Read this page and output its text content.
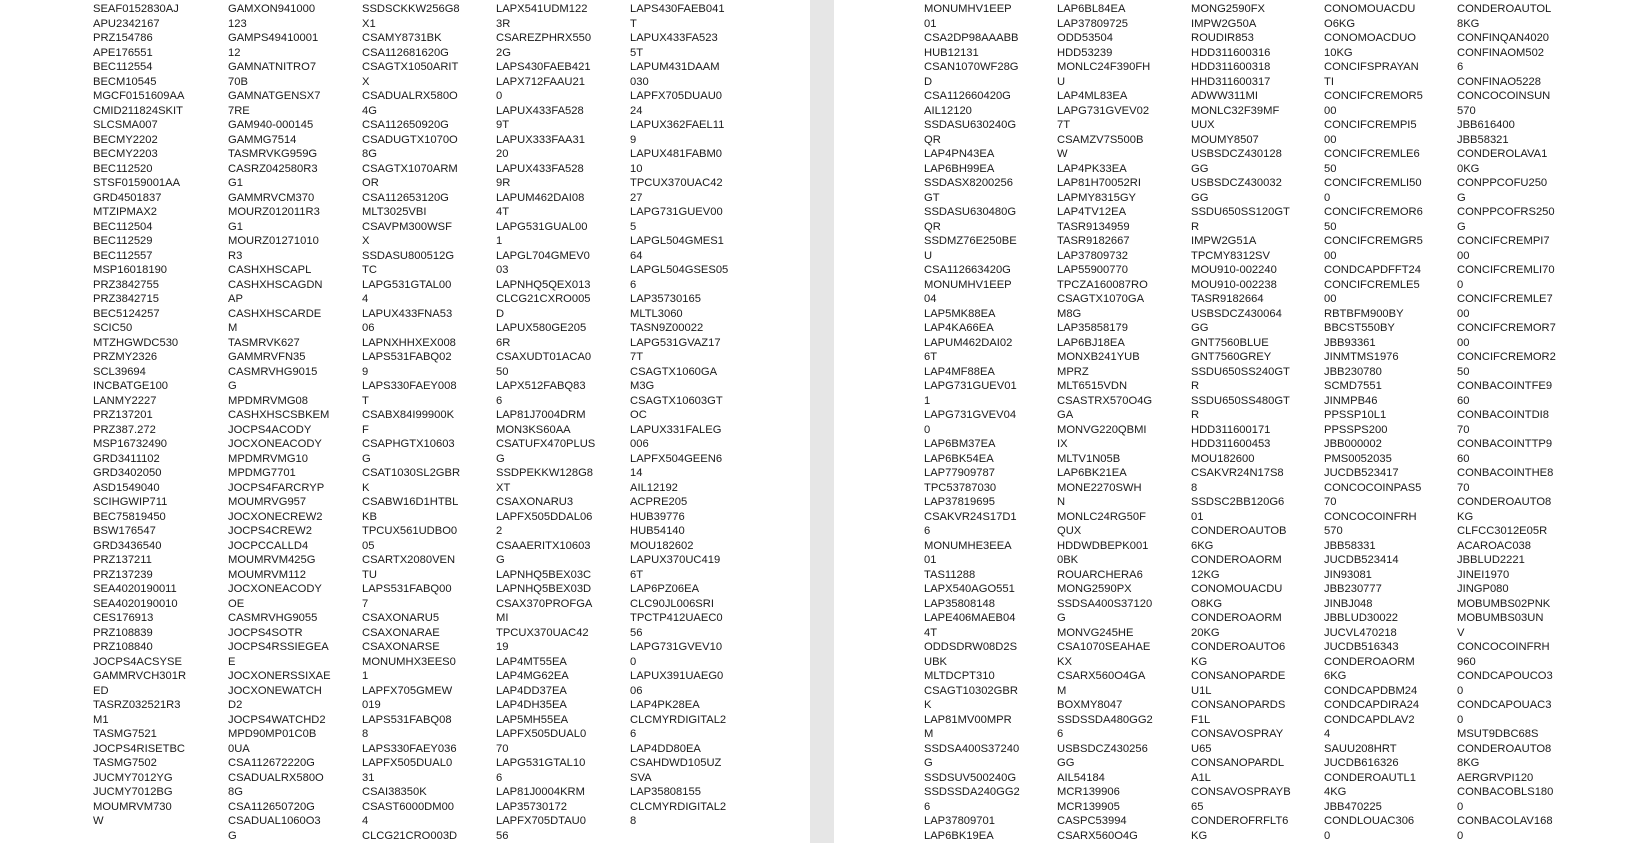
SEAF0152830AJ
APU2342167
PRZ154786
APE176551
BEC112554
BECM10545
MGCF0151609AA
CMID211824SKIT
SLCSMA007
BECMY2202
BECMY2203
BEC112520
STSF0159001AA
GRD4501837
MTZIPMAX2
BEC112504
BEC112529
BEC112557
MSP16018190
PRZ3842755
PRZ3842715
BEC5124257
SCIC50
MTZHGWDC530
PRZMY2326
SCL39694
INCBATGE100
LANMY2227
PRZ137201
PRZ387.272
MSP16732490
GRD3411102
GRD3402050
ASD1549040
SCIHGWIP711
BEC75819450
BSW176547
GRD3436540
PRZ137211
PRZ137239
SEA4020190011
SEA4020190010
CES176913
PRZ108839
PRZ108840
JOCPS4ACSYSE
GAMMRVCH301R
ED
TASRZ032521R3
M1
TASMG7521
JOCPS4RISETBC
TASMG7502
JUCMY7012YG
JUCMY7012BG
MOUMRVM730
W
GAMXON941000
123
GAMPS49410001
12
GAMNATNITRO7
70B
GAMNATGENSX7
7RE
GAM940-000145
GAMMG7514
TASMRVKG959G
CASRZ042580R3
G1
GAMMRVCM370
MOURZ012011R3
G1
MOURZ01271010
R3
CASHXHSCAPL
CASHXHSCAGDN
AP
CASHXHSCARDE
M
TASMRVK627
GAMMRVFN35
CASMRVHG9015
G
MPDMRVMG08
CASHXHSCSBKEM
JOCPS4ACODY
JOCXONEACODY
MPDMRVMG10
MPDMG7701
JOCPS4FARCRYP
MOUMRVG957
JOCXONECREW2
JOCPS4CREW2
JOCPCCALLD4
MOUMRVM425G
MOUMRVM112
JOCXONEACODY
OE
CASMRVHG9055
JOCPS4SOTR
JOCPS4RSSIEGEA
E
JOCXONERSSIXAE
JOCXONEWATCH
D2
JOCPS4WATCHD2
MPD90MP01C0B
0UA
CSA112672220G
CSADUALRX580O
8G
CSA112650720G
CSADUAL1060O3
G
SSDSCKKW256G8
X1
CSAMY8731BK
CSA112681620G
CSAGTX1050ARIT
X
CSADUALRX580O
4G
CSA112650920G
CSADUGTX1070O
8G
CSAGTX1070ARM
OR
CSA112653120G
MLT3025VBI
CSAVPM300WSF
X
SSDASU800512G
TC
LAPG531GTAL00
4
LAPUX433FNA53
06
LAPNXHHXEX008
LAPS531FABQ02
9
LAPS330FAEY008
T
CSABX84I99900K
F
CSAPHGTX10603
G
CSAT1030SL2GBR
K
CSABW16D1HTBL
KB
TPCUX561UDBO0
05
CSARTX2080VEN
TU
LAPS531FABQ00
7
CSAXONARU5
CSAXONARAE
CSAXONARSE
MONUMHX3EES0
1
LAPFX705GMEW
019
LAPS531FABQ08
8
LAPS330FAEY036
LAPFX505DUAL0
31
CSAI38350K
CSAST6000DM00
4
CLCG21CRO003D
LAPX541UDM122
3R
CSAREZPHRX550
2G
LAPS430FAEB421
LAPX712FAAU21
0
LAPUX433FA528
9T
LAPUX333FAA31
20
LAPUX433FA528
9R
LAPUM462DAI08
4T
LAPG531GUAL00
1
LAPGL704GMEV0
03
LAPNHQ5QEX013
CLCG21CXRO005
D
LAPUX580GE205
6R
CSAXUDT01ACA0
50
LAPX512FABQ83
6
LAP81J7004DRM
MON3KS60AA
CSATUFX470PLUS
G
SSDPEKKW128G8
XT
CSAXONARU3
LAPFX505DDAL06
2
CSAAERITX10603
G
LAPNHQ5BEX03C
LAPNHQ5BEX03D
CSAX370PROFGA
MI
TPCUX370UAC42
19
LAP4MT55EA
LAP4MG62EA
LAP4DD37EA
LAP4DH35EA
LAP5MH55EA
LAPFX505DUAL0
70
LAPG531GTAL10
6
LAP81J0004KRM
LAP35730172
LAPFX705DTAU0
56
LAPS430FAEB041
T
LAPUX433FA523
5T
LAPUM431DAAM
030
LAPFX705DUAU0
24
LAPUX362FAEL11
9
LAPUX481FABM0
10
TPCUX370UAC42
27
LAPG731GUEV00
5
LAPGL504GMES1
64
LAPGL504GSES05
6
LAP35730165
MLTL3060
TASN9Z00022
LAPG531GVAZ17
7T
CSAGTX1060GA
M3G
CSAGTX10603GT
OC
LAPUX331FALEG
006
LAPFX504GEEN6
14
AIL12192
ACPRE205
HUB39776
HUB54140
MOU182602
LAPUX370UC419
6T
LAP6PZ06EA
CLC90JL006SRI
TPCTP412UAEC0
56
LAPG731GVEV10
0
LAPUX391UAEG0
06
LAP4PK28EA
CLCMYRDIGITAL2
6
LAP4DD80EA
CSAHDWD105UZ
SVA
LAP35808155
CLCMYRDIGITAL2
8
MONUMHV1EEP
01
CSA2DP98AAABB
HUB12131
CSAN1070WF28G
D
CSA112660420G
AIL12120
SSDASU630240G
QR
LAP4PN43EA
LAP6BH99EA
SSDASX8200256
GT
SSDASU630480G
QR
SSDMZ76E250BE
U
CSA112663420G
MONUMHV1EEP
04
LAP5MK88EA
LAP4KA66EA
LAPUM462DAI02
6T
LAP4MF88EA
LAPG731GUEV01
1
LAPG731GVEV04
0
LAP6BM37EA
LAP6BK54EA
LAP77909787
TPC53787030
LAP37819695
CSAKVR24S17D1
6
MONUMHE3EEA
01
TAS11288
LAPX540AGO551
LAP35808148
LAPE406MAEB04
4T
ODDSDRW08D2S
UBK
MLTDCPT310
CSAGT10302GBR
K
LAP81MV00MPR
M
SSDSA400S37240
G
SSDSUV500240G
SSDSSDA240GG2
6
LAP37809701
LAP6BK19EA
LAP6BL84EA
LAP37809725
ODD53504
HDD53239
MONLC24F390FH
U
LAP4ML83EA
LAPG731GVEV02
7T
CSAMZV7S500B
W
LAP4PK33EA
LAP81H70052RI
LAPMY8315GY
LAP4TV12EA
TASR9134959
TASR9182667
LAP37809732
LAP55900770
TPCZA160087RO
CSAGTX1070GA
M8G
LAP35858179
LAP6BJ18EA
MONXB241YUB
MPRZ
MLT6515VDN
CSASTRX570O4G
GA
MONVG220QBMI
IX
MLTV1N05B
LAP6BK21EA
MONE2270SWH
N
MONLC24RG50F
QUX
HDDWDBEPK001
0BK
ROUARCHERA6
MONG2590PX
SSDSA400S37120
G
MONVG245HE
CSA1070SEAHAE
KX
CSARX560O4GA
M
BOXMY8047
SSDSSDA480GG2
6
USBSDCZ430256
GG
AIL54184
MCR139906
MCR139905
CASPC53994
CSARX560O4G
MONG2590FX
IMPW2G50A
ROUDIR853
HDD311600316
HDD311600318
HHD311600317
ADWW311MI
MONLC32F39MF
UUX
MOUMY8507
USBSDCZ430128
GG
USBSDCZ430032
GG
SSDU650SS120GT
R
IMPW2G51A
TPCMY8312SV
MOU910-002240
MOU910-002238
TASR9182664
USBSDCZ430064
GG
GNT7560BLUE
GNT7560GREY
SSDU650SS240GT
R
SSDU650SS480GT
R
HDD311600171
HDD311600453
MOU182600
CSAKVR24N17S8
8
SSDSC2BB120G6
01
CONDEROAUTOB
6KG
CONDEROAORM
12KG
CONOMOUACDU
O8KG
CONDEROAORM
20KG
CONDEROAUTO6
KG
CONSANOPARDE
U1L
CONSANOPARDS
F1L
CONSAVOSPRAY
U65
CONSANOPARDL
A1L
CONSAVOSPRAYB
65
CONDEROFRFLT6
KG
CONOMOUACDU
O6KG
CONOMOACDUO
10KG
CONCIFSPRAYAN
TI
CONCIFCREMOR5
00
CONCIFCREMPI5
00
CONCIFCREMLE6
50
CONCIFCREMLI50
0
CONCIFCREMOR6
50
CONCIFCREMGR5
00
CONDCAPDFFT24
CONCIFCREMLE5
00
RBTBFM900BY
BBCST550BY
JBB93361
JINMTMS1976
JBB230780
SCMD7551
JINMPB46
PPSSP10L1
PPSSPS200
JBB000002
PMS0052035
JUCDB523417
CONCOCOINPAS5
70
CONCOCOINFRH
570
JBB58331
JUCDB523414
JIN93081
JBB230777
JINBJ048
JBBLUD30022
JUCVL470218
JUCDB516343
CONDEROAORM
6KG
CONDCAPDBM24
CONDCAPDIRA24
CONDCAPDLAV2
4
SAUU208HRT
JUCDB616326
CONDEROAUTL1
4KG
JBB470225
CONDLOUAC306
0
CONDEROAUTOL
8KG
CONFINQAN4020
CONFINAOM502
6
CONFINAO5228
CONCOCOINSUN
570
JBB616400
JBB58321
CONDEROLAVA1
0KG
CONPPCOFU250
G
CONPPCOFRS250
G
CONCIFCREMPI7
00
CONCIFCREMLI70
0
CONCIFCREMLE7
00
CONCIFCREMOR7
00
CONCIFCREMOR2
50
CONBACOINTFE9
60
CONBACOINTDI8
70
CONBACOINTTP9
60
CONBACOINTHE8
70
CONDEROAUTO8
KG
CLFCC3012E05R
ACAROAC038
JBBLUD2221
JINEI1970
JINGP080
MOBUMBS02PNK
MOBUMBS03UN
V
CONCOCOINFRH
960
CONDCAPOUCO3
0
CONDCAPOUAC3
0
MSUT9DBC68S
CONDEROAUTO8
8KG
AERGRVPI120
CONBACOBLS180
0
CONBACOLAV168
0
